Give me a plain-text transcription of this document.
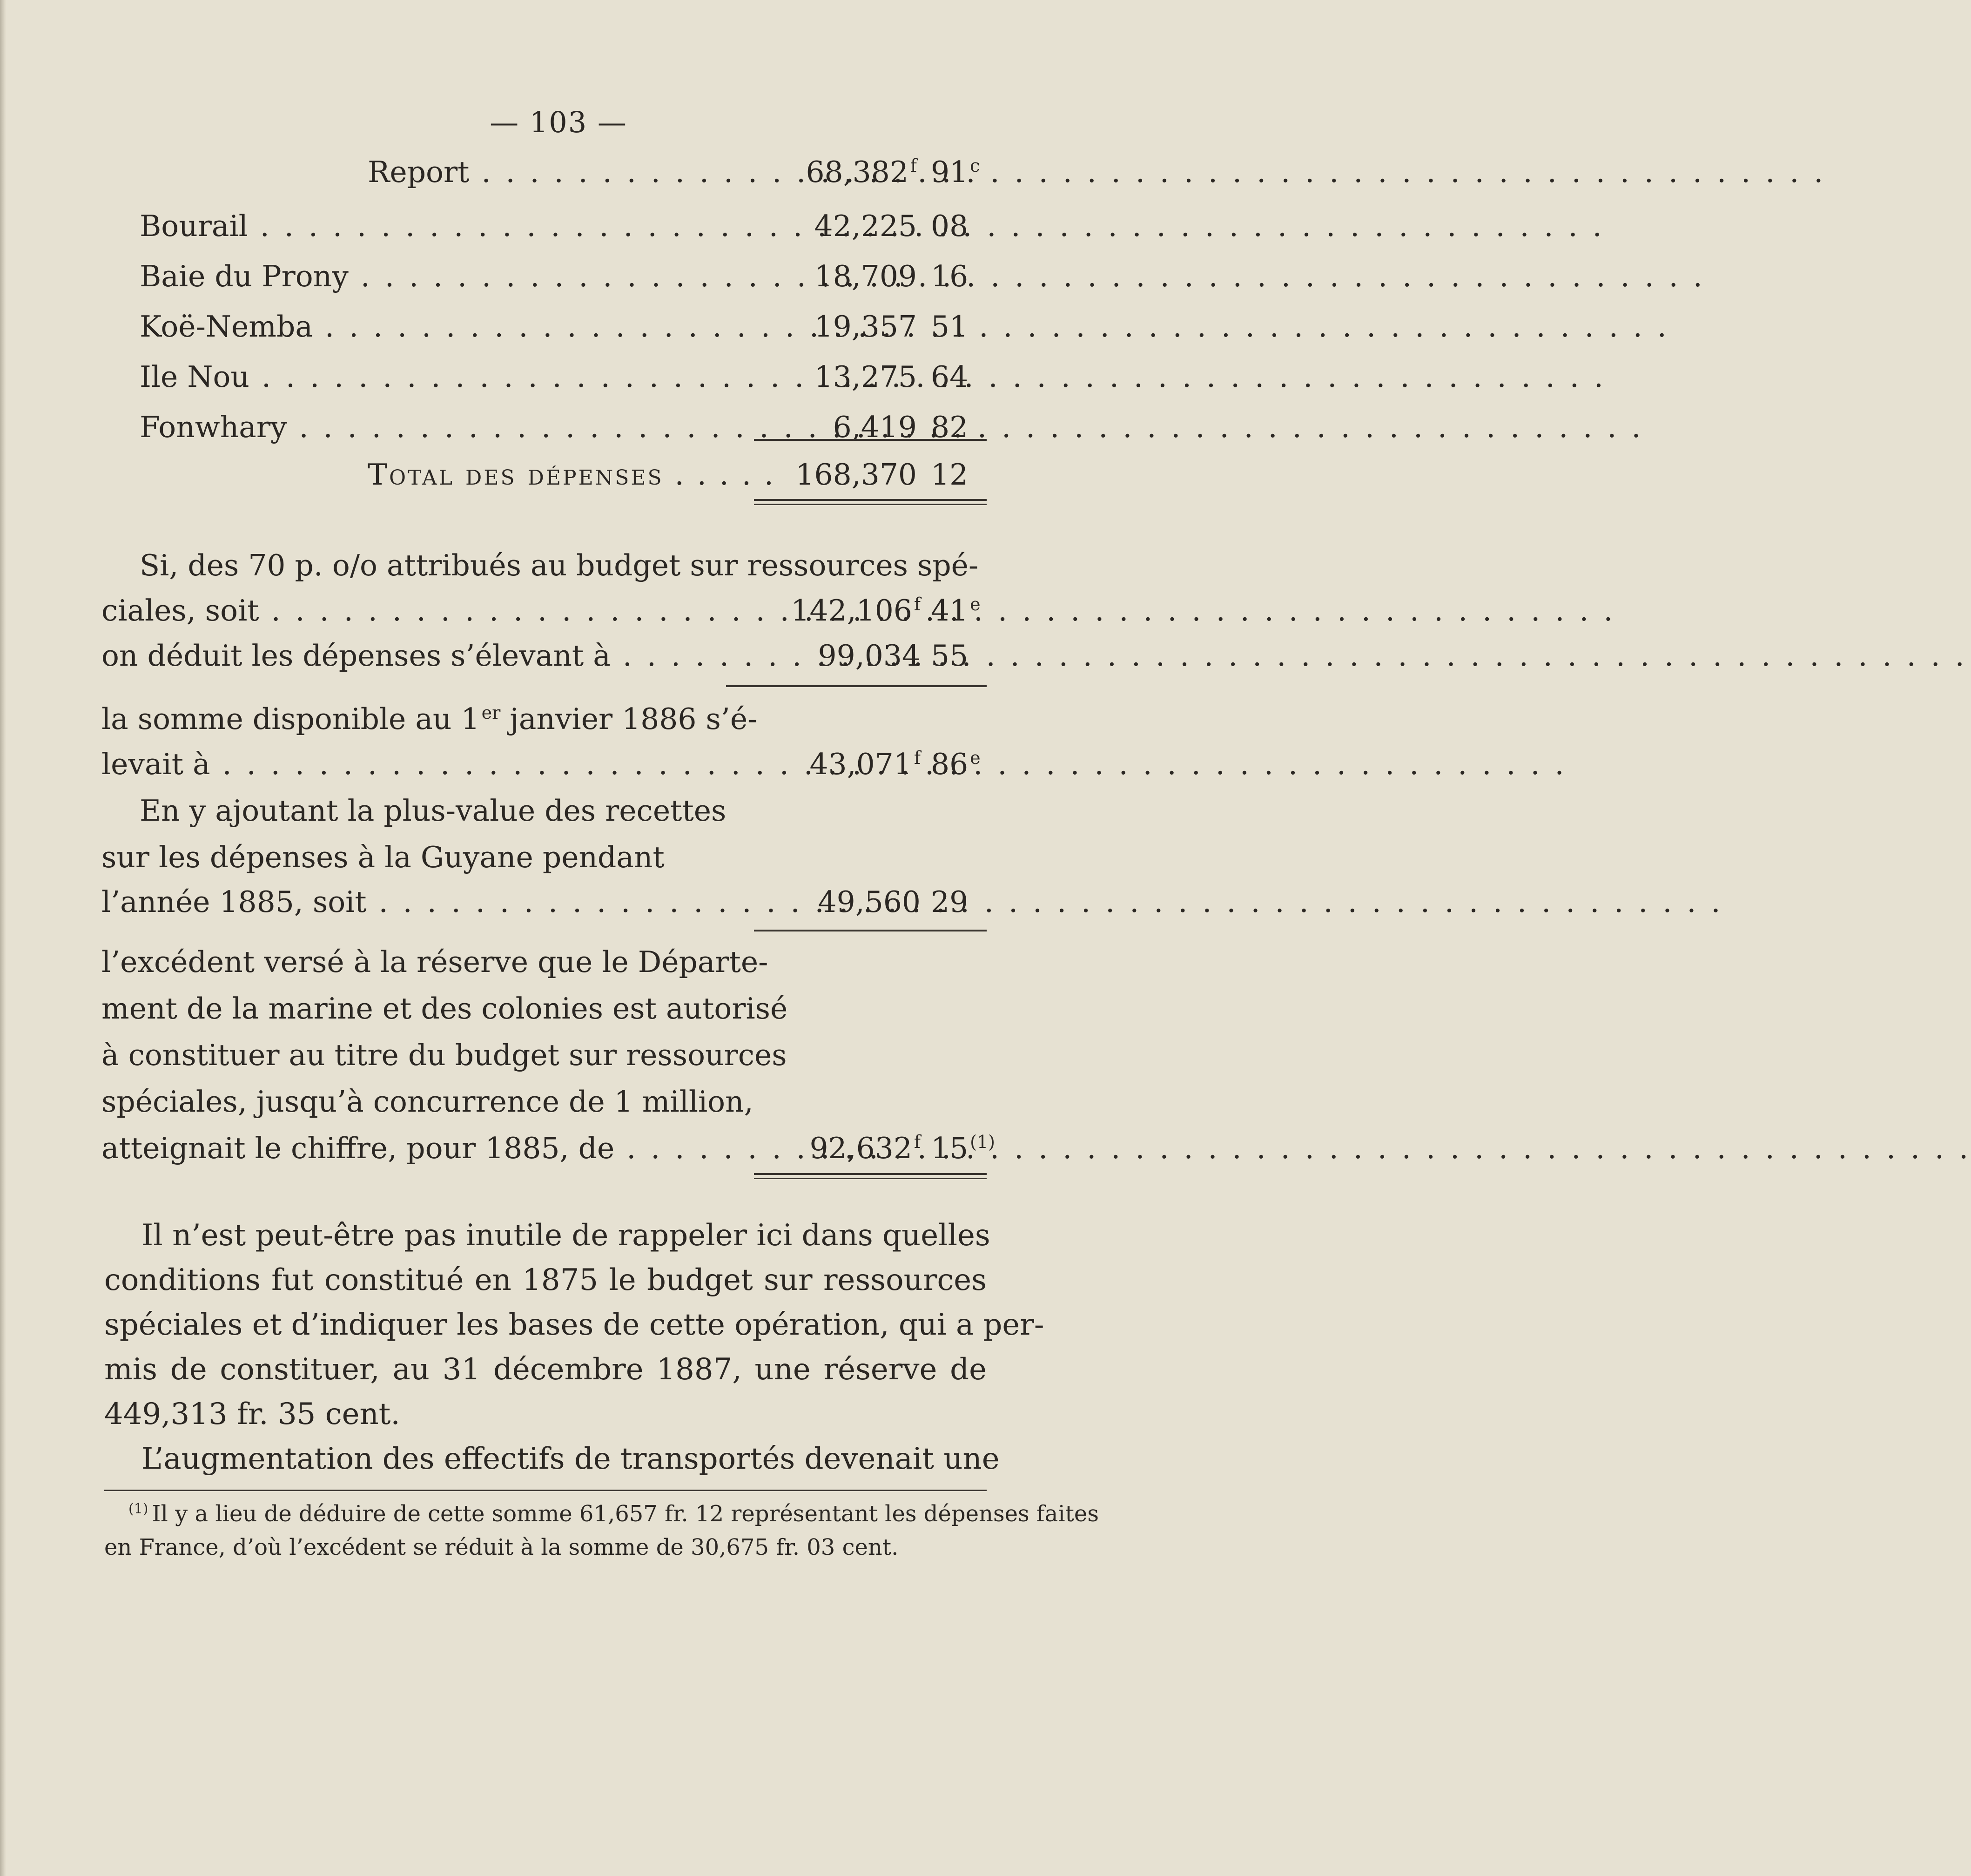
— 103 —
Report . . .	68,382 $^f$ 91 $^c$
Bourail . . .	42,225 08
Baie du Prony . . .	18,709 16
Koë-Nemba . . .	19,357 51
Ile Nou . . .	13,275 64
Fonwhary . . .	6,419 82
Total des dépenses . . . . . 168,370 12
Si, des 70 p. o/o attribués au budget sur ressources spé-
ciales, soit . . .	142,106 $^f$ 41 $^e$
on déduit les dépenses s’élevant à . . .	99,034 55
la somme disponible au 1 $^{er}$ janvier 1886 s’é-
levait à . . .	43,071 $^f$ 86 $^e$
En y ajoutant la plus-value des recettes
sur les dépenses à la Guyane pendant
l’année 1885, soit . . .	49,560 29
l’excédent versé à la réserve que le Départe-
ment de la marine et des colonies est autorisé
à constituer au titre du budget sur ressources
spéciales, jusqu’à concurrence de 1 million,
atteignait le chiffre, pour 1885, de . . .	92,632 $^f$ 15 $^{(1)}$
Il n’est peut-être pas inutile de rappeler ici dans quelles
conditions fut constitué en 1875 le budget sur ressources
spéciales et d’indiquer les bases de cette opération, qui a per-
mis de constituer, au 31 décembre 1887, une réserve de
449,313 fr. 35 cent.
L’augmentation des effectifs de transportés devenait une
$^{(1)}$ Il y a lieu de déduire de cette somme 61,657 fr. 12 représentant les dépenses faites
en France, d’où l’excédent se réduit à la somme de 30,675 fr. 03 cent.
